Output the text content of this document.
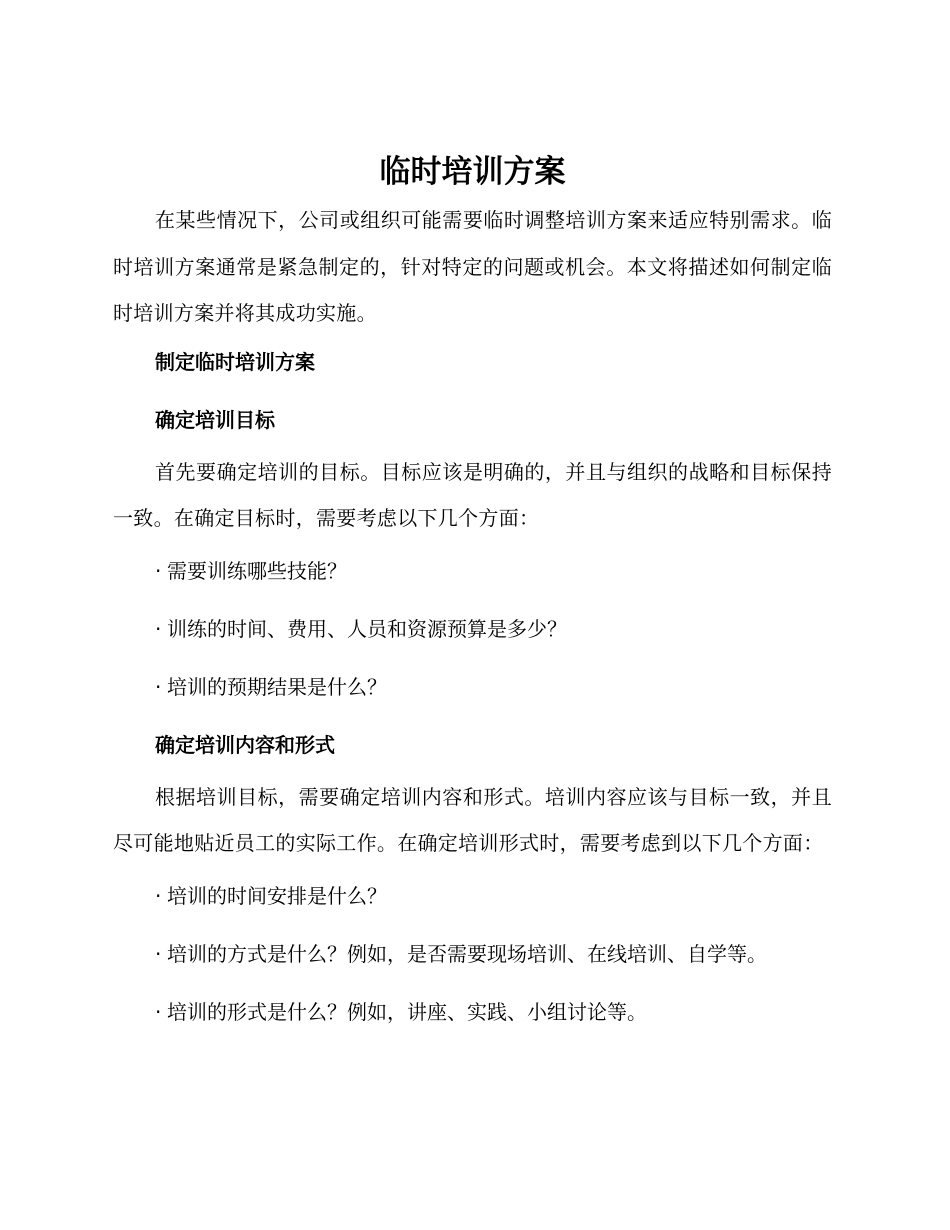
临时培训方案

在某些情况下，公司或组织可能需要临时调整培训方案来适应特别需求。临时培训方案通常是紧急制定的，针对特定的问题或机会。本文将描述如何制定临时培训方案并将其成功实施。

制定临时培训方案
确定培训目标

首先要确定培训的目标。目标应该是明确的，并且与组织的战略和目标保持一致。在确定目标时，需要考虑以下几个方面：

· 需要训练哪些技能？
· 训练的时间、费用、人员和资源预算是多少？
· 培训的预期结果是什么？
确定培训内容和形式

根据培训目标，需要确定培训内容和形式。培训内容应该与目标一致，并且尽可能地贴近员工的实际工作。在确定培训形式时，需要考虑到以下几个方面：

· 培训的时间安排是什么？
· 培训的方式是什么？例如，是否需要现场培训、在线培训、自学等。
· 培训的形式是什么？例如，讲座、实践、小组讨论等。
